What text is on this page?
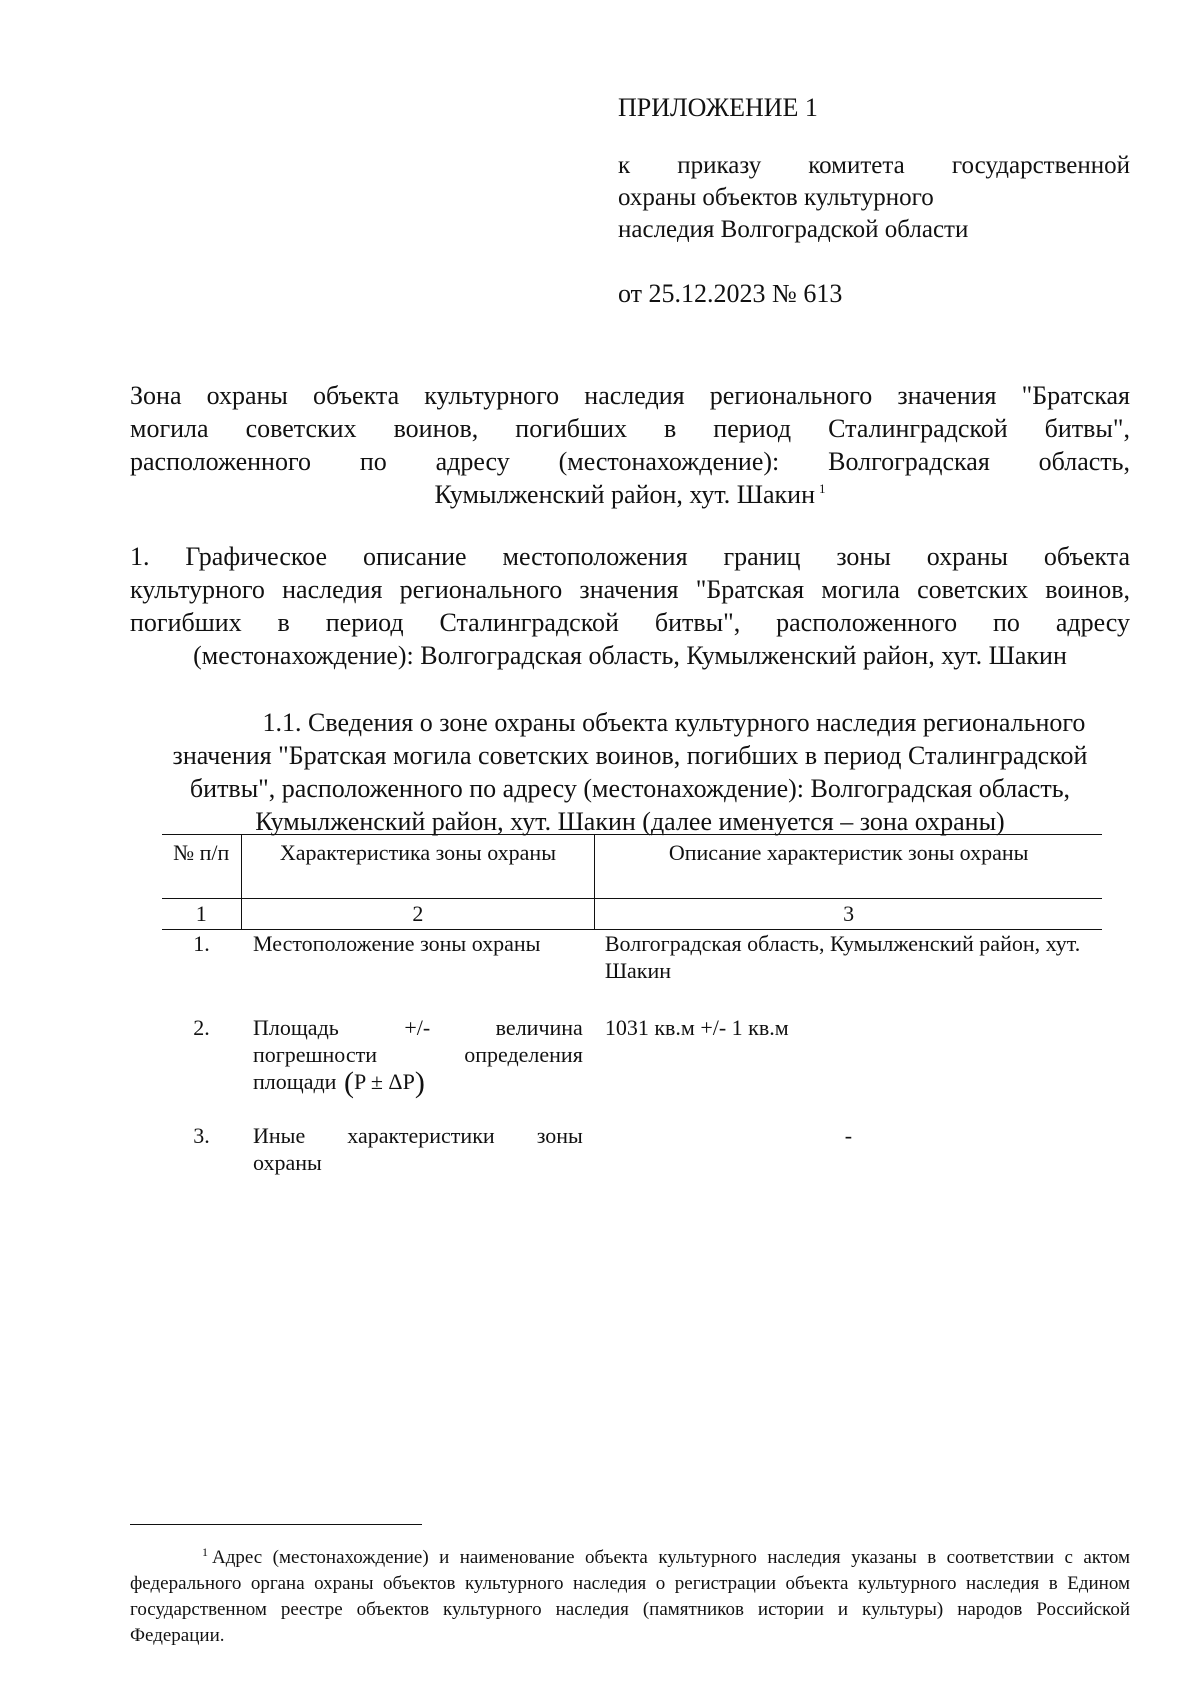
ПРИЛОЖЕНИЕ 1
к приказу комитета государственной
охраны объектов культурного
наследия Волгоградской области
от 25.12.2023 № 613
Зона охраны объекта культурного наследия регионального значения "Братская
могила советских воинов, погибших в период Сталинградской битвы",
расположенного по адресу (местонахождение): Волгоградская область,
Кумылженский район, хут. Шакин $^1$
1. Графическое описание местоположения границ зоны охраны объекта
культурного наследия регионального значения "Братская могила советских воинов,
погибших в период Сталинградской битвы", расположенного по адресу
(местонахождение): Волгоградская область, Кумылженский район, хут. Шакин
1.1. Сведения о зоне охраны объекта культурного наследия регионального
значения "Братская могила советских воинов, погибших в период Сталинградской
битвы", расположенного по адресу (местонахождение): Волгоградская область,
Кумылженский район, хут. Шакин (далее именуется – зона охраны)
№ п/п	Характеристика зоны охраны	Описание характеристик зоны охраны
1	2	3
1.	Местоположение зоны охраны	Волгоградская область, Кумылженский район, хут. Шакин
2.	Площадь +/- величина
погрешности определения
площади (P ± ΔP)	1031 кв.м +/- 1 кв.м
3.	Иные характеристики зоны
охраны	-
$^1$ Адрес (местонахождение) и наименование объекта культурного наследия указаны в соответствии с актом
федерального органа охраны объектов культурного наследия о регистрации объекта культурного наследия в Едином
государственном реестре объектов культурного наследия (памятников истории и культуры) народов Российской
Федерации.
